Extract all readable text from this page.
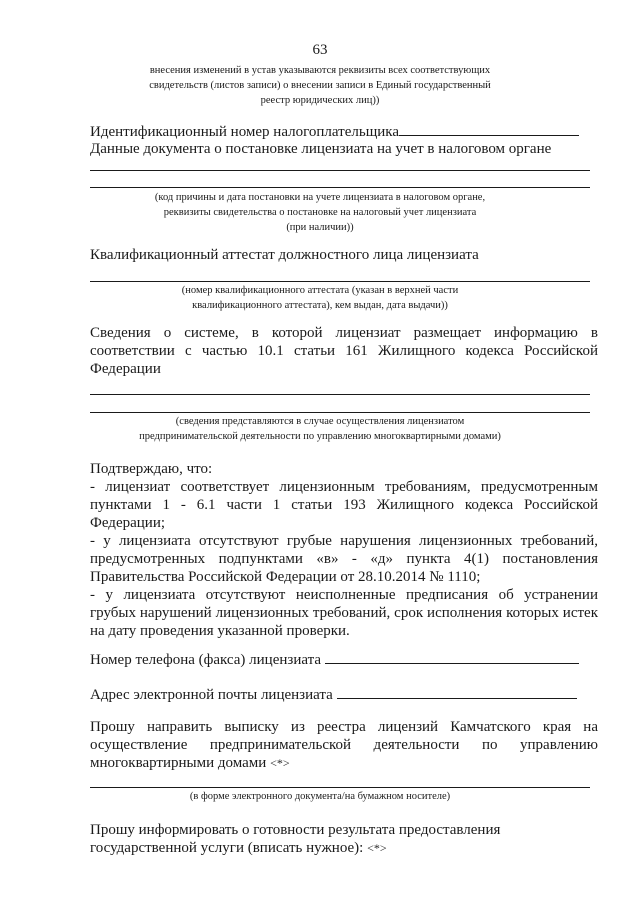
63
внесения изменений в устав указываются реквизиты всех соответствующих
свидетельств (листов записи) о внесении записи в Единый государственный
реестр юридических лиц))
Идентификационный номер налогоплательщика
Данные документа о постановке лицензиата на учет в налоговом органе
(код причины и дата постановки на учете лицензиата в налоговом органе,
реквизиты свидетельства о постановке на налоговый учет лицензиата
(при наличии))
Квалификационный аттестат должностного лица лицензиата
(номер квалификационного аттестата (указан в верхней части
квалификационного аттестата), кем выдан, дата выдачи))
Сведения о системе, в которой лицензиат размещает информацию в соответствии с частью 10.1 статьи 161 Жилищного кодекса Российской Федерации
(сведения представляются в случае осуществления лицензиатом
предпринимательской деятельности по управлению многоквартирными домами)
Подтверждаю, что:
- лицензиат соответствует лицензионным требованиям, предусмотренным пунктами 1 - 6.1 части 1 статьи 193 Жилищного кодекса Российской Федерации;
- у лицензиата отсутствуют грубые нарушения лицензионных требований, предусмотренных подпунктами «в» - «д» пункта 4(1) постановления Правительства Российской Федерации от 28.10.2014 № 1110;
- у лицензиата отсутствуют неисполненные предписания об устранении грубых нарушений лицензионных требований, срок исполнения которых истек на дату проведения указанной проверки.
Номер телефона (факса) лицензиата
Адрес электронной почты лицензиата
Прошу направить выписку из реестра лицензий Камчатского края на осуществление предпринимательской деятельности по управлению многоквартирными домами <*>
(в форме электронного документа/на бумажном носителе)
Прошу информировать о готовности результата предоставления
государственной услуги (вписать нужное): <*>
